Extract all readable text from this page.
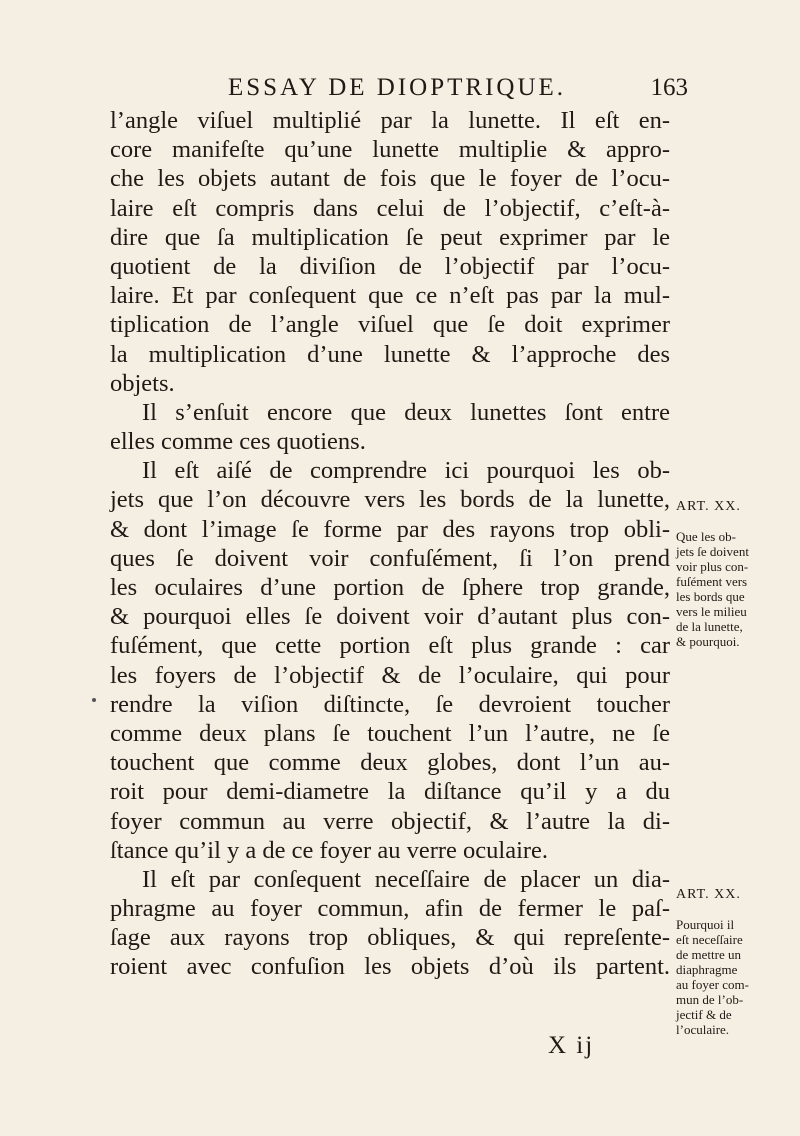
ESSAY DE DIOPTRIQUE.	163
l’angle viſuel multiplié par la lunette. Il eſt en-
core manifeſte qu’une lunette multiplie & appro-
che les objets autant de fois que le foyer de l’ocu-
laire eſt compris dans celui de l’objectif, c’eſt-à-
dire que ſa multiplication ſe peut exprimer par le
quotient de la diviſion de l’objectif par l’ocu-
laire. Et par conſequent que ce n’eſt pas par la mul-
tiplication de l’angle viſuel que ſe doit exprimer
la multiplication d’une lunette & l’approche des
objets.
Il s’enſuit encore que deux lunettes ſont entre
elles comme ces quotiens.
Il eſt aiſé de comprendre ici pourquoi les ob-
jets que l’on découvre vers les bords de la lunette,
& dont l’image ſe forme par des rayons trop obli-
ques ſe doivent voir confuſément, ſi l’on prend
les oculaires d’une portion de ſphere trop grande,
& pourquoi elles ſe doivent voir d’autant plus con-
fuſément, que cette portion eſt plus grande : car
les foyers de l’objectif & de l’oculaire, qui pour
rendre la viſion diſtincte, ſe devroient toucher
comme deux plans ſe touchent l’un l’autre, ne ſe
touchent que comme deux globes, dont l’un au-
roit pour demi-diametre la diſtance qu’il y a du
foyer commun au verre objectif, & l’autre la di-
ſtance qu’il y a de ce foyer au verre oculaire.
Il eſt par conſequent neceſſaire de placer un dia-
phragme au foyer commun, afin de fermer le paſ-
ſage aux rayons trop obliques, & qui repreſente-
roient avec confuſion les objets d’où ils partent.

ART. XX.

Que les ob-
jets ſe doivent
voir plus con-
fuſément vers
les bords que
vers le milieu
de la lunette,
& pourquoi.

ART. XX.

Pourquoi il
eſt neceſſaire
de mettre un
diaphragme
au foyer com-
mun de l’ob-
jectif & de
l’oculaire.

X ij
